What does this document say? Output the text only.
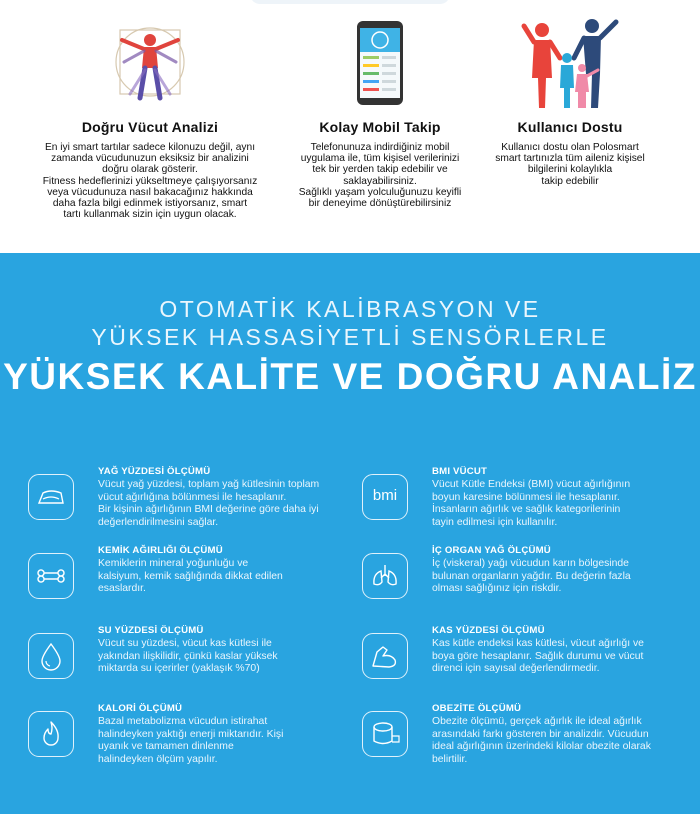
Doğru Vücut Analizi
En iyi smart tartılar sadece kilonuzu değil, aynı
zamanda vücudunuzun eksiksiz bir analizini
doğru olarak gösterir.
Fitness hedeflerinizi yükseltmeye çalışıyorsanız
veya vücudunuza nasıl bakacağınız hakkında
daha fazla bilgi edinmek istiyorsanız, smart
tartı kullanmak sizin için uygun olacak.
Kolay Mobil Takip
Telefonunuza indirdiğiniz mobil
uygulama ile, tüm kişisel verilerinizi
tek bir yerden takip edebilir ve
saklayabilirsiniz.
Sağlıklı yaşam yolculuğunuzu keyifli
bir deneyime dönüştürebilirsiniz
Kullanıcı Dostu
Kullanıcı dostu olan Polosmart
smart tartınızla tüm aileniz kişisel
bilgilerini kolaylıkla
takip edebilir
OTOMATİK KALİBRASYON VE
YÜKSEK HASSASİYETLİ SENSÖRLERLE
YÜKSEK KALİTE VE DOĞRU ANALİZ
YAĞ YÜZDESİ ÖLÇÜMÜ
Vücut yağ yüzdesi, toplam yağ kütlesinin toplam
vücut ağırlığına bölünmesi ile hesaplanır.
Bir kişinin ağırlığının BMI değerine göre daha iyi
değerlendirilmesini sağlar.
bmi
BMI VÜCUT
Vücut Kütle Endeksi (BMI) vücut ağırlığının
boyun karesine bölünmesi ile hesaplanır.
İnsanların ağırlık ve sağlık kategorilerinin
tayin edilmesi için kullanılır.
KEMİK AĞIRLIĞI ÖLÇÜMÜ
Kemiklerin mineral yoğunluğu ve
kalsiyum, kemik sağlığında dikkat edilen
esaslardır.
İÇ ORGAN YAĞ ÖLÇÜMÜ
İç (viskeral) yağı vücudun karın bölgesinde
bulunan organların yağdır. Bu değerin fazla
olması sağlığınız için riskdir.
SU YÜZDESİ ÖLÇÜMÜ
Vücut su yüzdesi, vücut kas kütlesi ile
yakından ilişkilidir, çünkü kaslar yüksek
miktarda su içerirler (yaklaşık %70)
KAS YÜZDESİ ÖLÇÜMÜ
Kas kütle endeksi kas kütlesi, vücut ağırlığı ve
boya göre hesaplanır. Sağlık durumu ve vücut
direnci için sayısal değerlendirmedir.
KALORİ ÖLÇÜMÜ
Bazal metabolizma vücudun istirahat
halindeyken yaktığı enerji miktarıdır. Kişi
uyanık ve tamamen dinlenme
halindeyken ölçüm yapılır.
OBEZİTE ÖLÇÜMÜ
Obezite ölçümü, gerçek ağırlık ile ideal ağırlık
arasındaki farkı gösteren bir analizdir. Vücudun
ideal ağırlığının üzerindeki kilolar obezite olarak
belirtilir.
